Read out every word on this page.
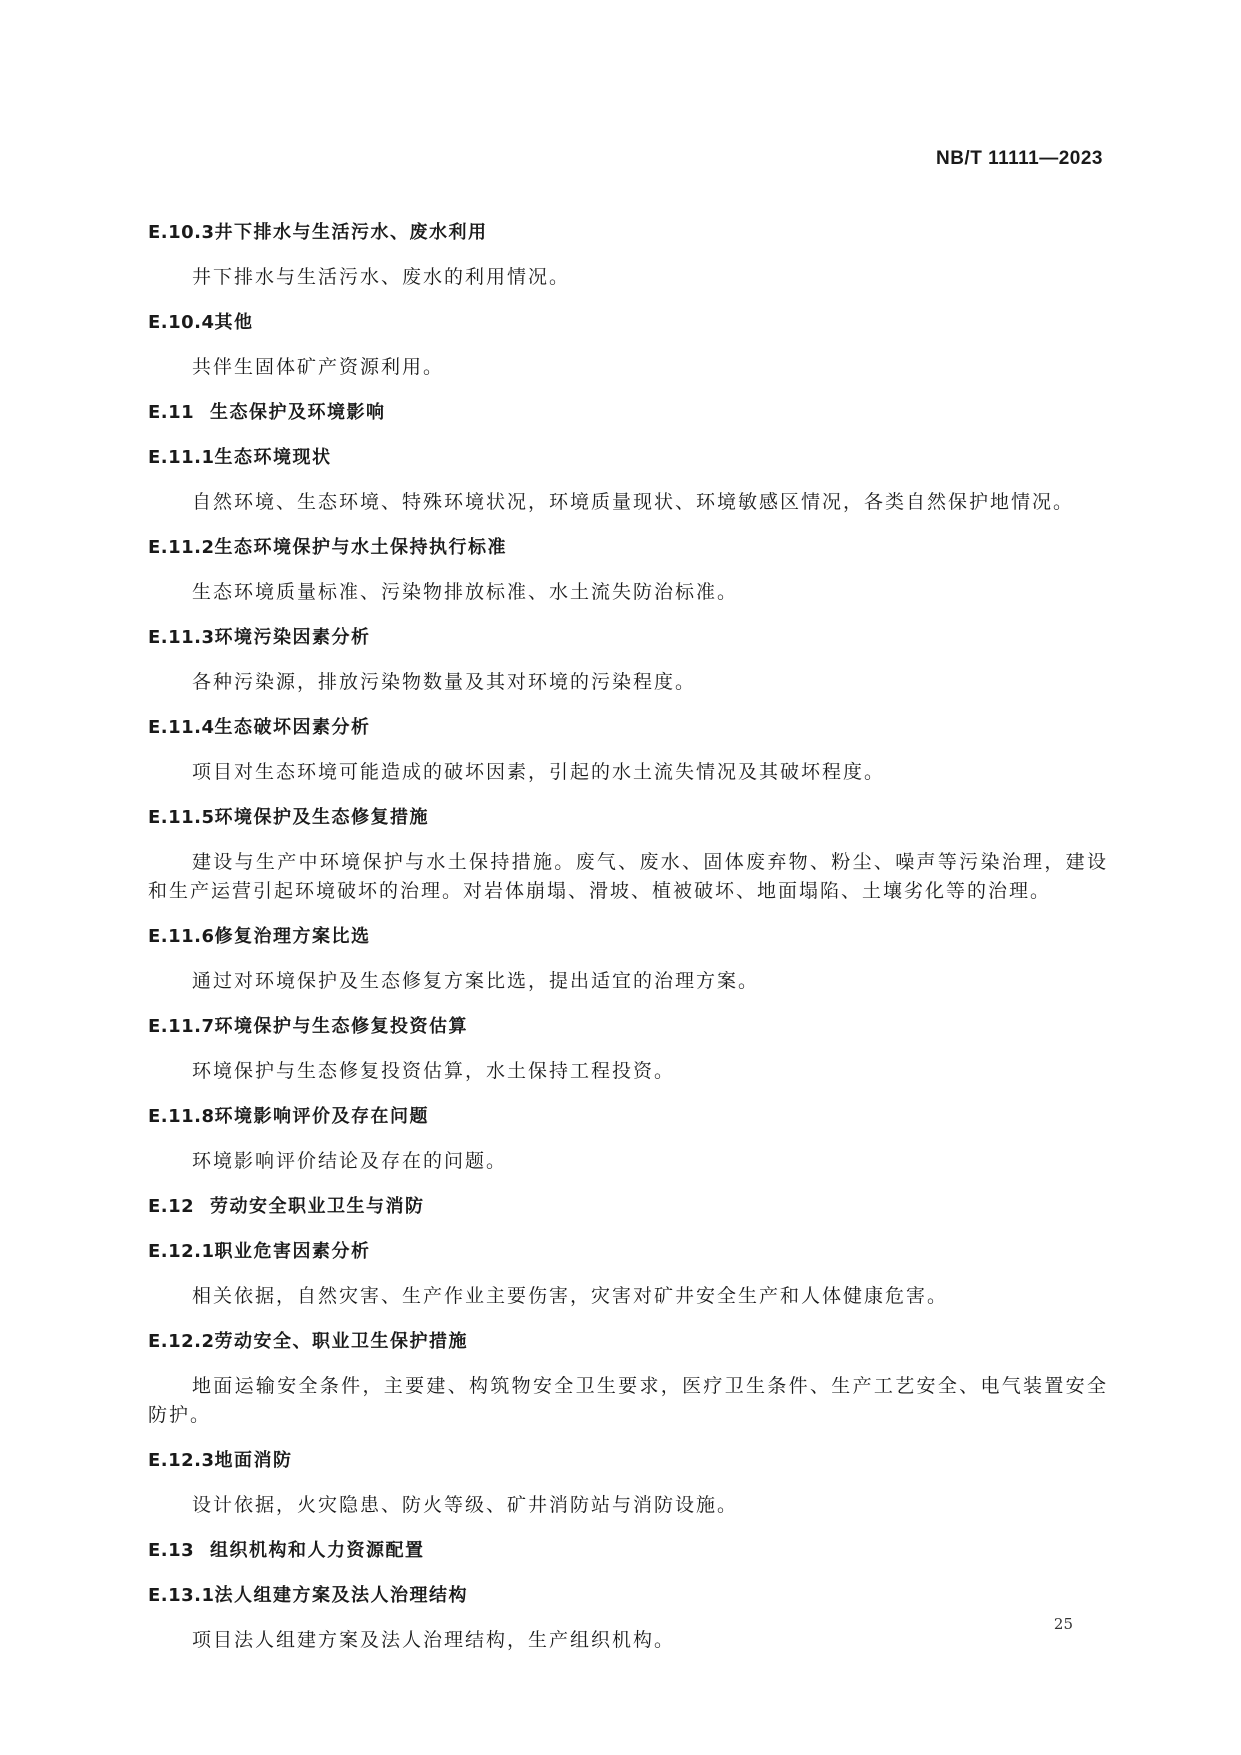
NB/T 11111—2023
E.10.3井下排水与生活污水、废水利用
井下排水与生活污水、废水的利用情况。
E.10.4其他
共伴生固体矿产资源利用。
E.11 生态保护及环境影响
E.11.1生态环境现状
自然环境、生态环境、特殊环境状况，环境质量现状、环境敏感区情况，各类自然保护地情况。
E.11.2生态环境保护与水土保持执行标准
生态环境质量标准、污染物排放标准、水土流失防治标准。
E.11.3环境污染因素分析
各种污染源，排放污染物数量及其对环境的污染程度。
E.11.4生态破坏因素分析
项目对生态环境可能造成的破坏因素，引起的水土流失情况及其破坏程度。
E.11.5环境保护及生态修复措施
建设与生产中环境保护与水土保持措施。废气、废水、固体废弃物、粉尘、噪声等污染治理，建设和生产运营引起环境破坏的治理。对岩体崩塌、滑坡、植被破坏、地面塌陷、土壤劣化等的治理。
E.11.6修复治理方案比选
通过对环境保护及生态修复方案比选，提出适宜的治理方案。
E.11.7环境保护与生态修复投资估算
环境保护与生态修复投资估算，水土保持工程投资。
E.11.8环境影响评价及存在问题
环境影响评价结论及存在的问题。
E.12 劳动安全职业卫生与消防
E.12.1职业危害因素分析
相关依据，自然灾害、生产作业主要伤害，灾害对矿井安全生产和人体健康危害。
E.12.2劳动安全、职业卫生保护措施
地面运输安全条件，主要建、构筑物安全卫生要求，医疗卫生条件、生产工艺安全、电气装置安全防护。
E.12.3地面消防
设计依据，火灾隐患、防火等级、矿井消防站与消防设施。
E.13 组织机构和人力资源配置
E.13.1法人组建方案及法人治理结构
项目法人组建方案及法人治理结构，生产组织机构。
25
